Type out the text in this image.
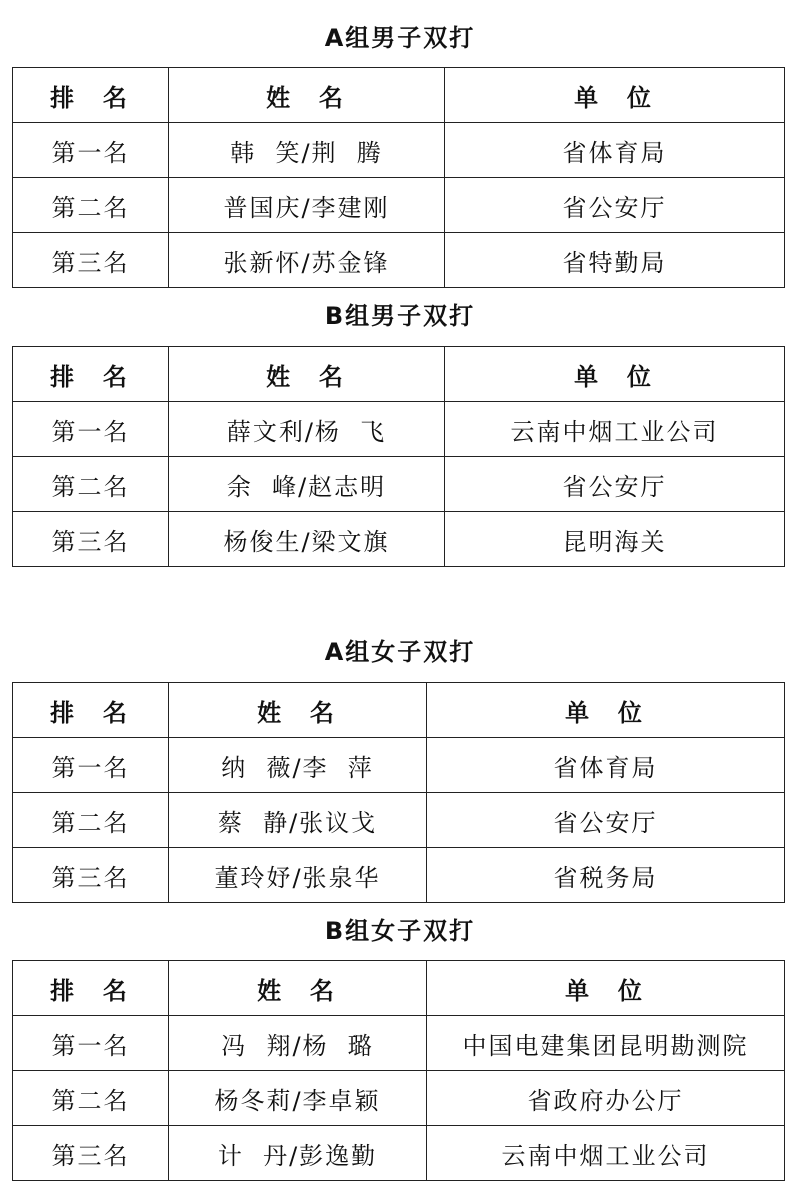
A组男子双打
排  名	姓  名	单  位
第一名	韩  笑/荆  腾	省体育局
第二名	普国庆/李建刚	省公安厅
第三名	张新怀/苏金锋	省特勤局
B组男子双打
排  名	姓  名	单  位
第一名	薛文利/杨  飞	云南中烟工业公司
第二名	余  峰/赵志明	省公安厅
第三名	杨俊生/梁文旗	昆明海关
A组女子双打
排  名	姓  名	单  位
第一名	纳  薇/李  萍	省体育局
第二名	蔡  静/张议戈	省公安厅
第三名	董玲妤/张泉华	省税务局
B组女子双打
排  名	姓  名	单  位
第一名	冯  翔/杨  璐	中国电建集团昆明勘测院
第二名	杨冬莉/李卓颖	省政府办公厅
第三名	计  丹/彭逸勤	云南中烟工业公司
